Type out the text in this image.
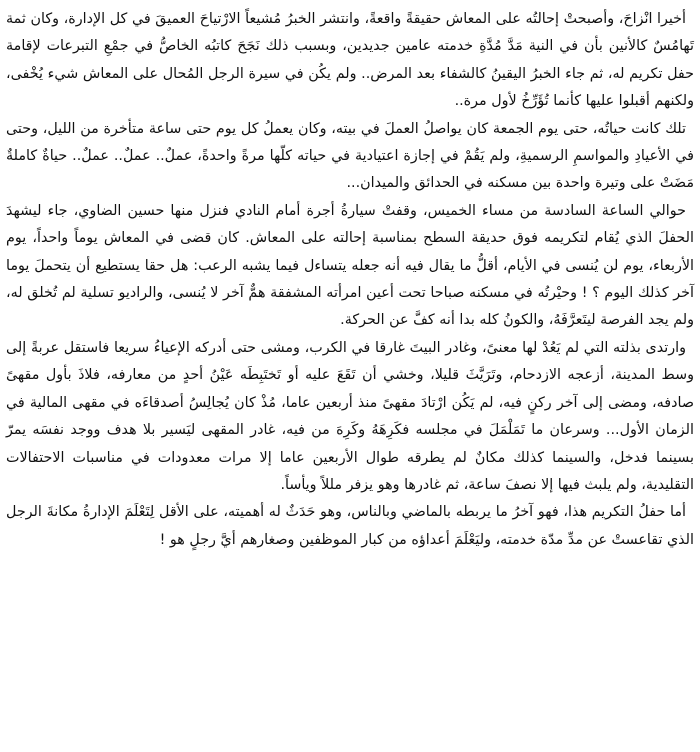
أخيرا انْزاحَ، وأصبحتْ إحالتُه على المعاش حقيقةً واقعةً، وانتشر الخبرُ مُشيعاً الارْتياحَ العميقَ في كل الإدارة، وكان ثمة تَهامُسٌ كالأنين بأن في النية مَدَّ مُدَّةِ خدمته عامين جديدين، وبسبب ذلك نَجَحَ كاتبُه الخاصُّ في جمْعِ التبرعات لإقامة حفل تكريم له، ثم جاء الخبرُ اليقينُ كالشفاء بعد المرض.. ولم يكُن في سيرة الرجل المُحال على المعاش شيء يُخْفى، ولكنهم أقبلوا عليها كأنما تُؤَرِّخُ لأول مرة..

تلك كانت حياتُه، حتى يوم الجمعة كان يواصلُ العملَ في بيته، وكان يعملُ كل يوم حتى ساعة متأخرة من الليل، وحتى في الأعيادِ والمواسمِ الرسميةِ، ولم يَقُمْ في إجازة اعتيادية في حياته كلّها مرةً واحدةً، عملٌ.. عملٌ.. عملٌ.. حياةٌ كاملةٌ مَضَتْ على وتيرة واحدة بين مسكنه في الحدائق والميدان...

حوالي الساعة السادسة من مساء الخميس، وقفتْ سيارةُ أجرة أمام النادي فنزل منها حسين الضاوي، جاء ليشهدَ الحفلَ الذي يُقام لتكريمه فوق حديقة السطح بمناسبة إحالته على المعاش. كان قضى في المعاش يوماً واحداً، يوم الأربعاء، يوم لن يُنسى في الأيام، أقلُّ ما يقال فيه أنه جعله يتساءل فيما يشبه الرعب: هل حقا يستطيع أن يتحملَ يوما آخر كذلك اليوم ؟ ! وحيْرتُه في مسكنه صباحا تحت أعين امرأته المشفقة همٌّ آخر لا يُنسى، والراديو تسلية لم تُخلق له، ولم يجد الفرصة ليتَعرَّفَهُ، والكونُ كله بدا أنه كفَّ عن الحركة.

وارتدى بذلته التي لم يَعُدْ لها معنىً، وغادر البيتَ غارقا في الكرب، ومشى حتى أدركه الإعياءُ سريعا فاستقل عربةً إلى وسط المدينة، أزعجه الازدحام، وتَرَيَّثَ قليلا، وخشي أن تَقَعَ عليه أو تَختَبِطَه عَيْنُ أحدٍ من معارفه، فلاذَ بأول مقهىً صادفه، ومضى إلى آخر ركنٍ فيه، لم يَكُن ارْتادَ مقهىً منذ أربعين عاما، مُذْ كان يُجالِسُ أصدقاءَه في مقهى المالية في الزمان الأول... وسرعان ما تَمَلْمَلَ في مجلسه فكَرِهَهُ وكَرِهَ من فيه، غادر المقهى ليَسير بلا هدف ووجد نفسَه يمرّ بسينما فدخل، والسينما كذلك مكانٌ لم يطرقه طوال الأربعين عاما إلا مرات معدودات في مناسبات الاحتفالات التقليدية، ولم يلبث فيها إلا نصفَ ساعة، ثم غادرها وهو يزفر مللاً ويأساً.

أما حفلُ التكريم هذا، فهو آخرُ ما يربطه بالماضي وبالناس، وهو حَدَثٌ له أهميته، على الأقل لِتَعْلَمَ الإدارةُ مكانةَ الرجل الذي تقاعستْ عن مدِّ مدّة خدمته، وليَعْلَمَ أعداؤه من كبار الموظفين وصغارهم أيَّ رجلٍ هو !
